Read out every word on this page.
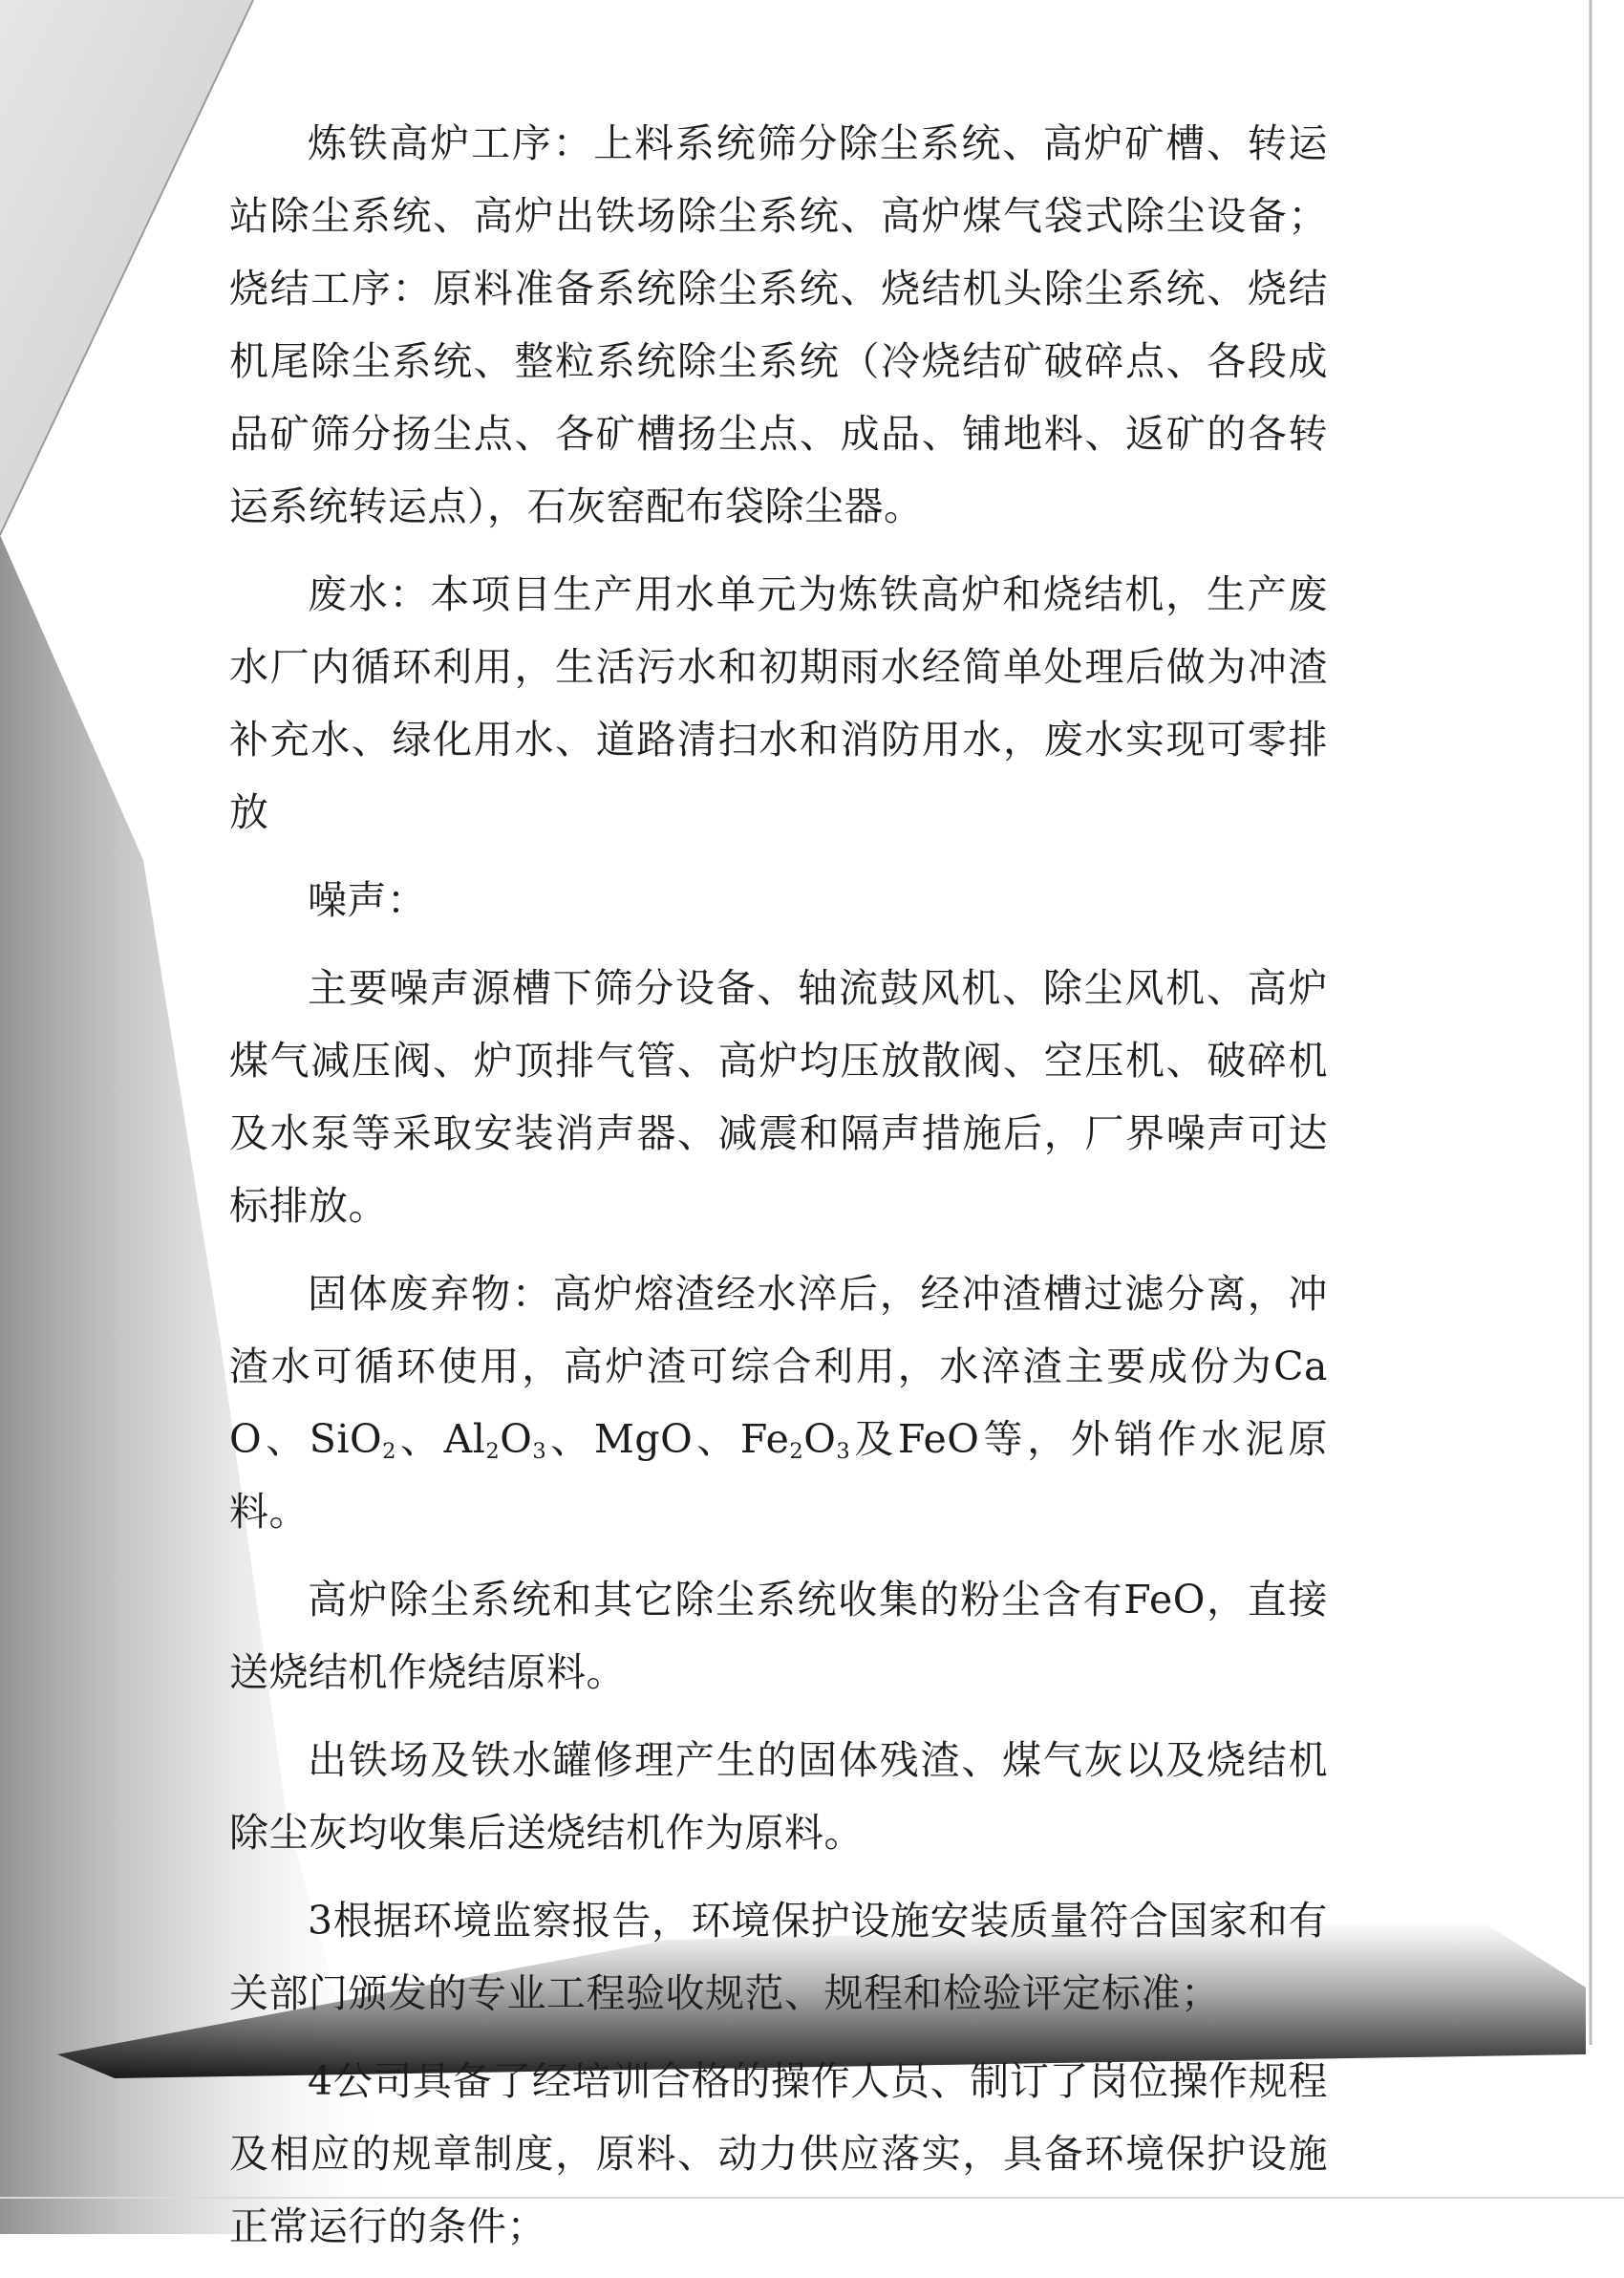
炼铁高炉工序：上料系统筛分除尘系统、高炉矿槽、转运站除尘系统、高炉出铁场除尘系统、高炉煤气袋式除尘设备；烧结工序：原料准备系统除尘系统、烧结机头除尘系统、烧结机尾除尘系统、整粒系统除尘系统（冷烧结矿破碎点、各段成品矿筛分扬尘点、各矿槽扬尘点、成品、铺地料、返矿的各转运系统转运点），石灰窑配布袋除尘器。

废水：本项目生产用水单元为炼铁高炉和烧结机，生产废水厂内循环利用，生活污水和初期雨水经简单处理后做为冲渣补充水、绿化用水、道路清扫水和消防用水，废水实现可零排放

噪声：

主要噪声源槽下筛分设备、轴流鼓风机、除尘风机、高炉煤气减压阀、炉顶排气管、高炉均压放散阀、空压机、破碎机及水泵等采取安装消声器、减震和隔声措施后，厂界噪声可达标排放。

固体废弃物：高炉熔渣经水淬后，经冲渣槽过滤分离，冲渣水可循环使用，高炉渣可综合利用，水淬渣主要成份为CaO、SiO$_2$、$Al_2O_3$、MgO、$Fe_2O_3$及FeO等，外销作水泥原料。

高炉除尘系统和其它除尘系统收集的粉尘含有FeO，直接送烧结机作烧结原料。

出铁场及铁水罐修理产生的固体残渣、煤气灰以及烧结机除尘灰均收集后送烧结机作为原料。

3根据环境监察报告，环境保护设施安装质量符合国家和有关部门颁发的专业工程验收规范、规程和检验评定标准；

4公司具备了经培训合格的操作人员、制订了岗位操作规程及相应的规章制度，原料、动力供应落实，具备环境保护设施正常运行的条件；
